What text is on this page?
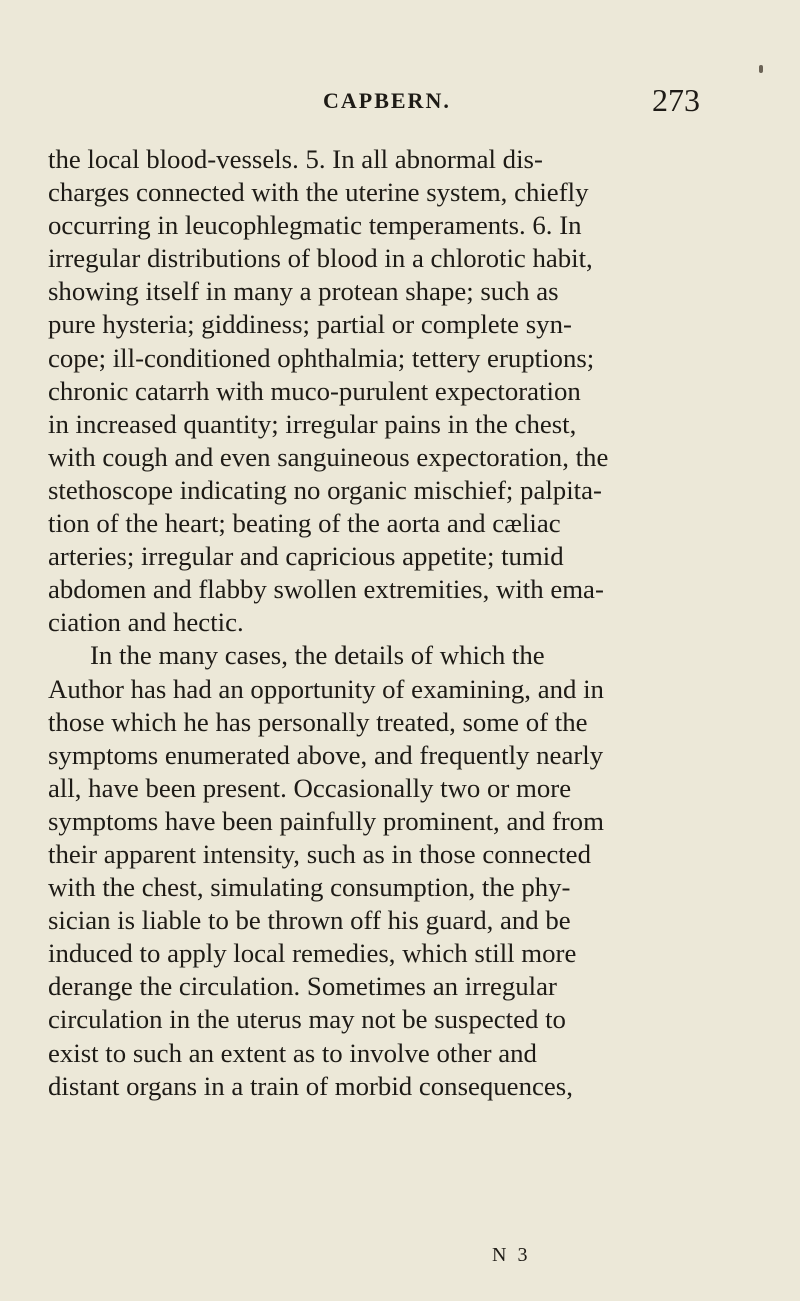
CAPBERN.	273

the local blood-vessels. 5. In all abnormal dis-
charges connected with the uterine system, chiefly
occurring in leucophlegmatic temperaments. 6. In
irregular distributions of blood in a chlorotic habit,
showing itself in many a protean shape; such as
pure hysteria; giddiness; partial or complete syn-
cope; ill-conditioned ophthalmia; tettery eruptions;
chronic catarrh with muco-purulent expectoration
in increased quantity; irregular pains in the chest,
with cough and even sanguineous expectoration, the
stethoscope indicating no organic mischief; palpita-
tion of the heart; beating of the aorta and cæliac
arteries; irregular and capricious appetite; tumid
abdomen and flabby swollen extremities, with ema-
ciation and hectic.
In the many cases, the details of which the
Author has had an opportunity of examining, and in
those which he has personally treated, some of the
symptoms enumerated above, and frequently nearly
all, have been present. Occasionally two or more
symptoms have been painfully prominent, and from
their apparent intensity, such as in those connected
with the chest, simulating consumption, the phy-
sician is liable to be thrown off his guard, and be
induced to apply local remedies, which still more
derange the circulation. Sometimes an irregular
circulation in the uterus may not be suspected to
exist to such an extent as to involve other and
distant organs in a train of morbid consequences,

N 3
